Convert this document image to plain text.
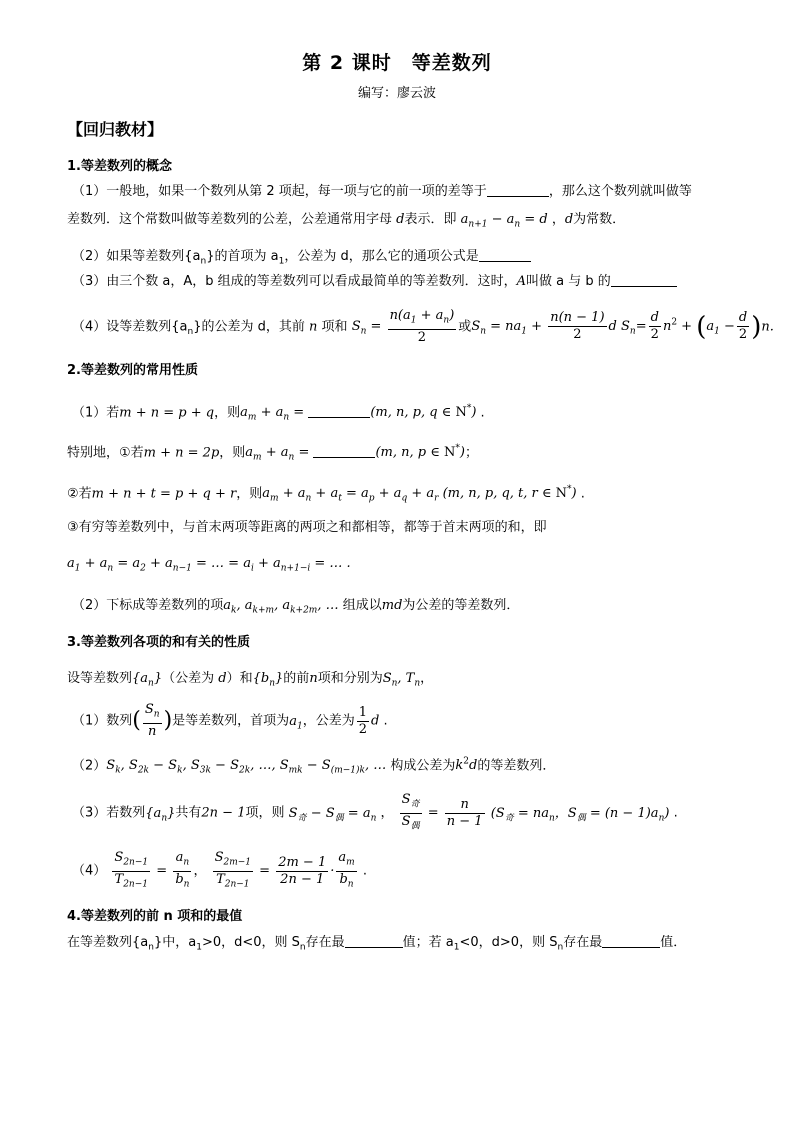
第 2 课时　等差数列
编写：廖云波
【回归教材】
1.等差数列的概念
（1）一般地，如果一个数列从第 2 项起，每一项与它的前一项的差等于	，那么这个数列就叫做等
差数列．这个常数叫做等差数列的公差，公差通常用字母 d表示．即 $a_{n+1} - a_n = d$ ，d为常数．
（2）如果等差数列$\{a_n\}$的首项为 $a_1$，公差为 d，那么它的通项公式是
（3）由三个数 a，A，b 组成的等差数列可以看成最简单的等差数列．这时，A叫做 a 与 b 的
（4）设等差数列$\{a_n\}$的公差为 d，其前 n 项和 $S_n = \frac{n(a_1 + a_n)}{2}$ 或$S_n = na_1 + \frac{n(n - 1)}{2}$ d $S_n= \frac{d}{2} n^2 + (a_1 - \frac{d}{2} )n$.
2.等差数列的常用性质
（1）若m + n = p + q，则$a_m + a_n$ =	(m, n, p, q ∈ N*) .
特别地，①若m + n = 2p，则$a_m + a_n$ =	(m, n, p ∈ N*)；
②若m + n + t = p + q + r，则$a_m + a_n + a_t = a_p + a_q + a_r$ (m, n, p, q, t, r ∈ N*) .
③有穷等差数列中，与首末两项等距离的两项之和都相等，都等于首末两项的和，即
$a_1 + a_n = a_2 + a_{n-1}$ = … = $a_i + a_{n+1-i}$ = … .
（2）下标成等差数列的项$a_k$, $a_{k+m}$, $a_{k+2m}$, … 组成以md为公差的等差数列．
3.等差数列各项的和有关的性质
设等差数列$\{a_n\}$（公差为 d）和$\{b_n\}$的前n项和分别为$S_n$, $T_n$，
（1）数列( $\frac{S_n}{n}$ )是等差数列，首项为$a_1$，公差为 $\frac{1}{2}$ d .
$(2)S_k$, $S_{2k} - S_k$, $S_{3k} - S_{2k}$, …, $S_{mk} - S_{(m-1)k}$, … 构成公差为$k^2d$的等差数列．
（3）若数列$\{a_n\}$共有2n − 1项，则 $S_奇 - S_偶 = a_n$ ， $\frac{S_奇}{S_偶} = \frac{n}{n - 1} (S_奇 = na_n$，$S_偶 = (n - 1)a_n$) .
$(4) \frac{S_{2n-1}}{T_{2n-1}} = \frac{a_n}{b_n}$ ， $\frac{S_{2m-1}}{T_{2n-1}} = \frac{2m - 1}{2n - 1} \cdot \frac{a_m}{b_n}$ .
4.等差数列的前 n 项和的最值
在等差数列$\{a_n\}$中，$a_1>0$，d<0，则 $S_n$存在最	值；若 $a_1<0$，d>0，则 $S_n$存在最	值．
